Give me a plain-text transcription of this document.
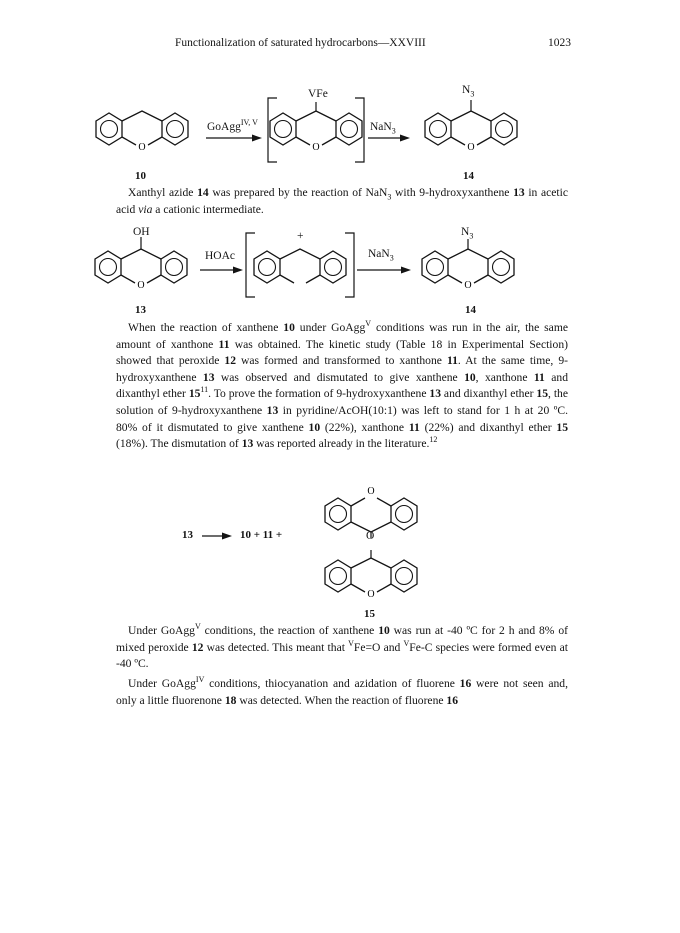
Functionalization of saturated hydrocarbons—XXVIII	1023
O	O	O
GoAgg$^{IV, V}$
VFe
NaN$_3$
$N_3$
10	14

Xanthyl azide 14 was prepared by the reaction of NaN$_3$ with 9-hydroxyxanthene 13 in acetic acid via a cationic intermediate.

O	O
OH
HOAc
+
NaN$_3$
$N_3$
13	14

When the reaction of xanthene 10 under GoAgg$^V$ conditions was run in the air, the same amount of xanthone 11 was obtained. The kinetic study (Table 18 in Experimental Section) showed that peroxide 12 was formed and transformed to xanthone 11. At the same time, 9-hydroxyxanthene 13 was observed and dismutated to give xanthene 10, xanthone 11 and dixanthyl ether $15^{11}$. To prove the formation of 9-hydroxyxanthene 13 and dixanthyl ether 15, the solution of 9-hydroxyxanthene 13 in pyridine/AcOH(10:1) was left to stand for 1 h at 20 ºC. 80% of it dismutated to give xanthene 10 (22%), xanthone 11 (22%) and dixanthyl ether 15 (18%). The dismutation of 13 was reported already in the literature.$^{12}$

O
O
13	10 + 11 +	O
15

Under GoAgg$^V$ conditions, the reaction of xanthene 10 was run at -40 ºC for 2 h and 8% of mixed peroxide 12 was detected. This meant that $^V$Fe=O and $^V$Fe-C species were formed even at -40 ºC.

Under GoAgg$^{IV}$ conditions, thiocyanation and azidation of fluorene 16 were not seen and, only a little fluorenone 18 was detected. When the reaction of fluorene 16
